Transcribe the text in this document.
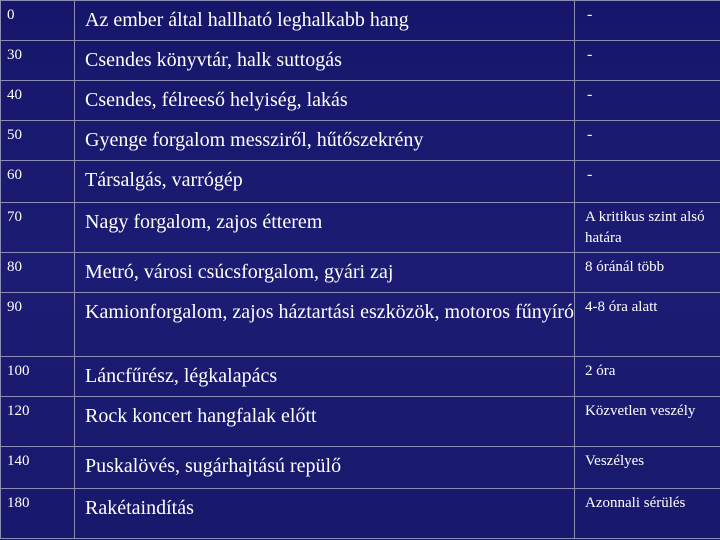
0	Az ember által hallható leghalkabb hang	-
30	Csendes könyvtár, halk suttogás	-
40	Csendes, félreeső helyiség, lakás	-
50	Gyenge forgalom messziről, hűtőszekrény	-
60	Társalgás, varrógép	-
70	Nagy forgalom, zajos étterem	A kritikus szint alsó határa
80	Metró, városi csúcsforgalom, gyári zaj	8 óránál több
90	Kamionforgalom, zajos háztartási eszközök, motoros fűnyíró	4-8 óra alatt
100	Láncfűrész, légkalapács	2 óra
120	Rock koncert hangfalak előtt	Közvetlen veszély
140	Puskalövés, sugárhajtású repülő	Veszélyes
180	Rakétaindítás	Azonnali sérülés
